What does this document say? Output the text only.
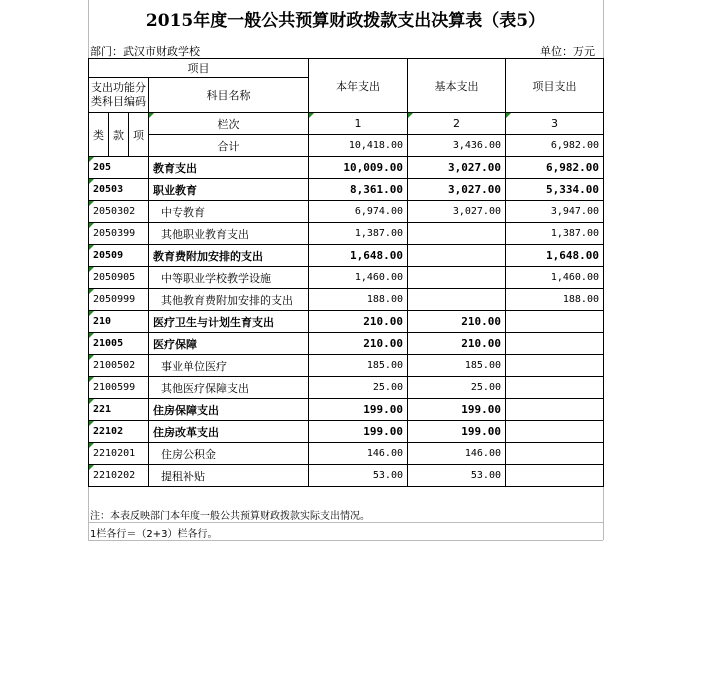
2015年度一般公共预算财政拨款支出决算表（表5）
部门：武汉市财政学校	单位：万元
项目				本年支出	基本支出	项目支出
支出功能分类科目编码			科目名称			

类	款	项	栏次	1	2	3
			合计	10,418.00	3,436.00	6,982.00
205			教育支出	10,009.00	3,027.00	6,982.00
20503			职业教育	8,361.00	3,027.00	5,334.00
2050302			中专教育	6,974.00	3,027.00	3,947.00
2050399			其他职业教育支出	1,387.00		1,387.00
20509			教育费附加安排的支出	1,648.00		1,648.00
2050905			中等职业学校教学设施	1,460.00		1,460.00
2050999			其他教育费附加安排的支出	188.00		188.00
210			医疗卫生与计划生育支出	210.00	210.00	
21005			医疗保障	210.00	210.00	
2100502			事业单位医疗	185.00	185.00	
2100599			其他医疗保障支出	25.00	25.00	
221			住房保障支出	199.00	199.00	
22102			住房改革支出	199.00	199.00	
2210201			住房公积金	146.00	146.00	
2210202			提租补贴	53.00	53.00	
注：本表反映部门本年度一般公共预算财政拨款实际支出情况。
1栏各行＝（2+3）栏各行。
